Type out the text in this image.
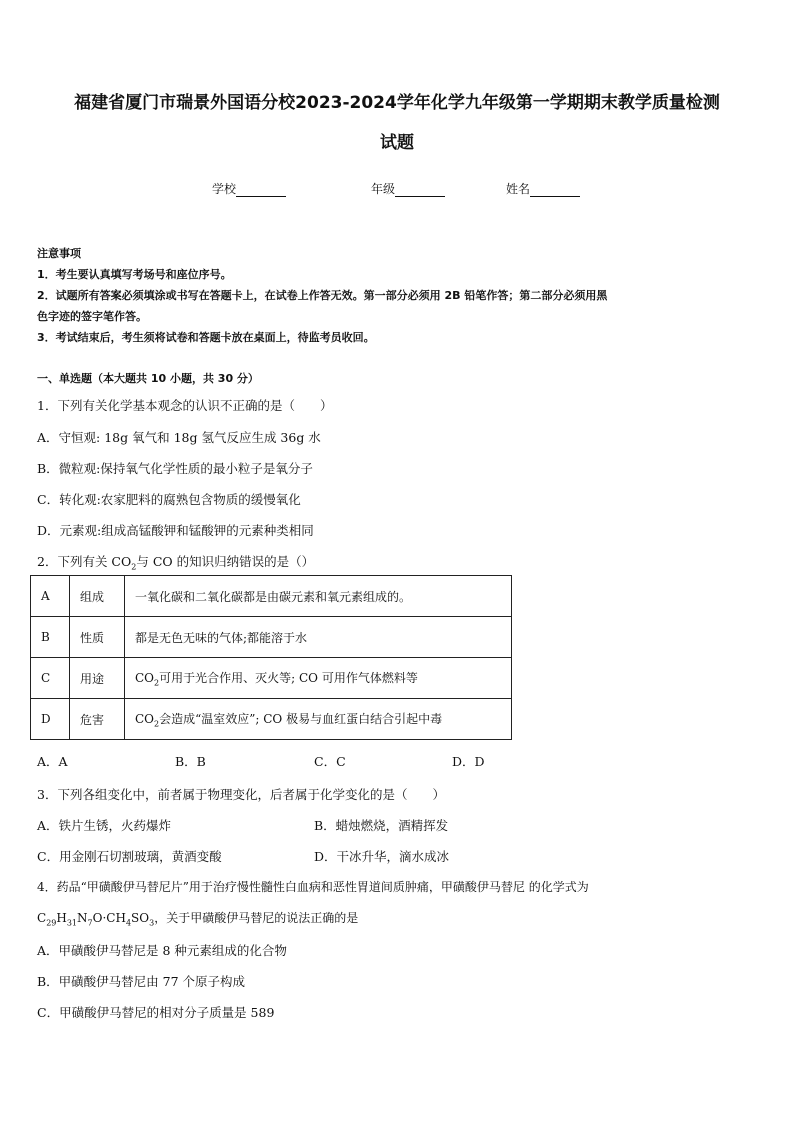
福建省厦门市瑞景外国语分校2023-2024学年化学九年级第一学期期末教学质量检测
试题
学校	年级	姓名
注意事项
1．考生要认真填写考场号和座位序号。
2．试题所有答案必须填涂或书写在答题卡上，在试卷上作答无效。第一部分必须用 2B 铅笔作答；第二部分必须用黑
色字迹的签字笔作答。
3．考试结束后，考生须将试卷和答题卡放在桌面上，待监考员收回。
一、单选题（本大题共 10 小题，共 30 分）
1．下列有关化学基本观念的认识不正确的是（　　）
A．守恒观: 18g 氧气和 18g 氢气反应生成 36g 水
B．微粒观:保持氧气化学性质的最小粒子是氧分子
C．转化观:农家肥料的腐熟包含物质的缓慢氧化
D．元素观:组成高锰酸钾和锰酸钾的元素种类相同
2．下列有关 $CO_2$与 CO 的知识归纳错误的是（）
A	组成	一氧化碳和二氧化碳都是由碳元素和氧元素组成的。
B	性质	都是无色无味的气体;都能溶于水
C	用途	$CO_2$可用于光合作用、灭火等; CO 可用作气体燃料等
D	危害	$CO_2$会造成“温室效应”; CO 极易与血红蛋白结合引起中毒
A．A	B．B	C．C	D．D
3．下列各组变化中，前者属于物理变化，后者属于化学变化的是（　　）
A．铁片生锈，火药爆炸	B．蜡烛燃烧，酒精挥发
C．用金刚石切割玻璃，黄酒变酸	D．干冰升华，滴水成冰
4．药品“甲磺酸伊马替尼片”用于治疗慢性髓性白血病和恶性胃道间质肿痛，甲磺酸伊马替尼 的化学式为
$C_{29}H_{31}N_7O\cdot CH_4SO_3$，关于甲磺酸伊马替尼的说法正确的是
A．甲磺酸伊马替尼是 8 种元素组成的化合物
B．甲磺酸伊马替尼由 77 个原子构成
C．甲磺酸伊马替尼的相对分子质量是 589
